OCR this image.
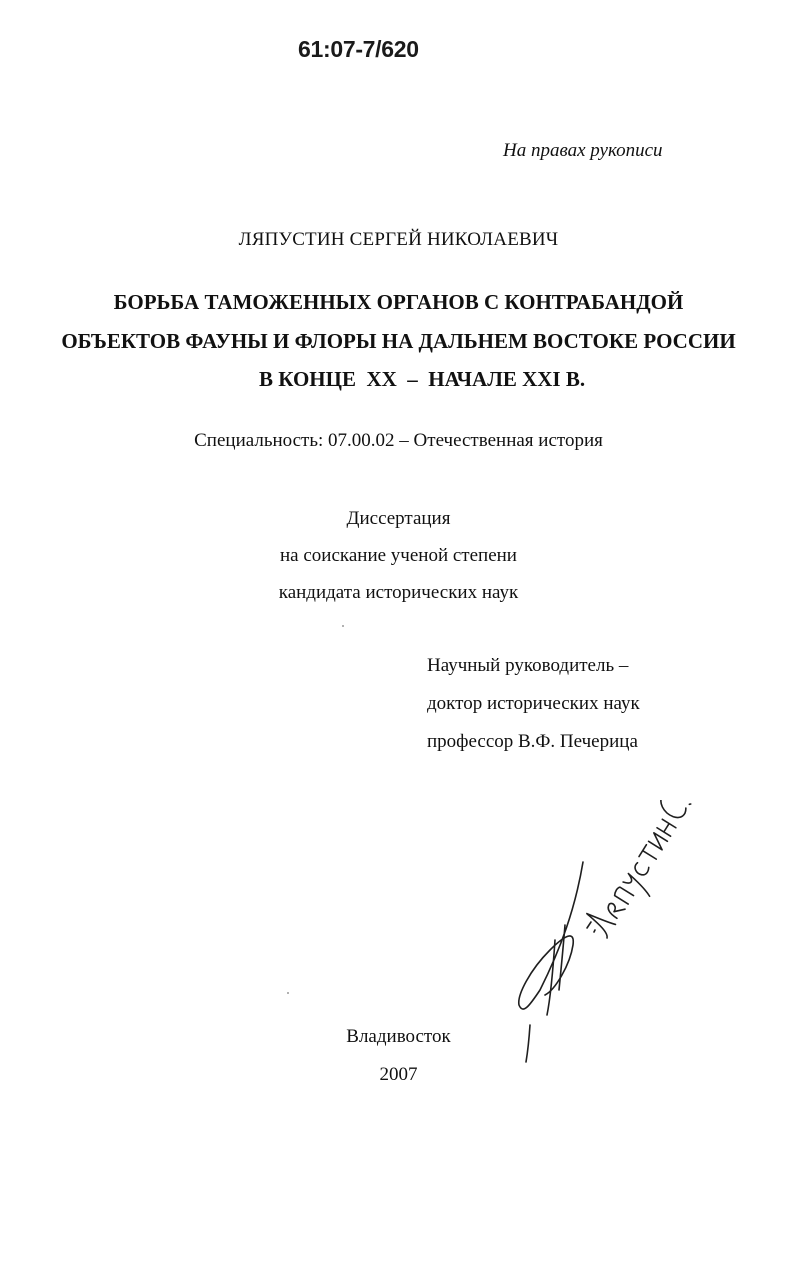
61:07-7/620
На правах рукописи
ЛЯПУСТИН СЕРГЕЙ НИКОЛАЕВИЧ
БОРЬБА ТАМОЖЕННЫХ ОРГАНОВ С КОНТРАБАНДОЙ
ОБЪЕКТОВ ФАУНЫ И ФЛОРЫ НА ДАЛЬНЕМ ВОСТОКЕ РОССИИ
В КОНЦЕ  XX  –  НАЧАЛЕ XXI В.
Специальность: 07.00.02 – Отечественная история
Диссертация
на соискание ученой степени
кандидата исторических наук
Научный руководитель –
доктор исторических наук
профессор В.Ф. Печерица
Владивосток
2007
